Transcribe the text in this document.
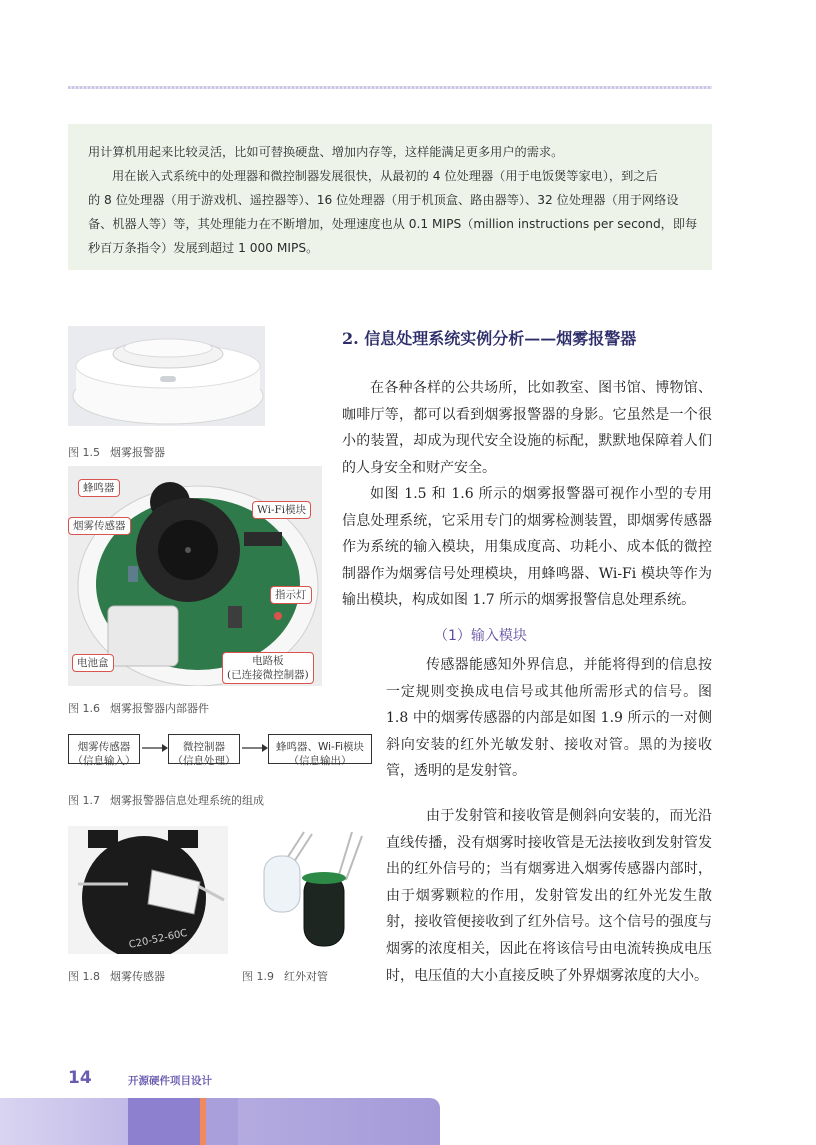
用计算机用起来比较灵活，比如可替换硬盘、增加内存等，这样能满足更多用户的需求。

用在嵌入式系统中的处理器和微控制器发展很快，从最初的 4 位处理器（用于电饭煲等家电），到之后

的 8 位处理器（用于游戏机、遥控器等）、16 位处理器（用于机顶盒、路由器等）、32 位处理器（用于网络设

备、机器人等）等，其处理能力在不断增加，处理速度也从 0.1 MIPS（million instructions per second，即每

秒百万条指令）发展到超过 1 000 MIPS。

图 1.5 烟雾报警器
蜂鸣器
烟雾传感器
Wi-Fi模块
指示灯
电池盒	电路板
(已连接微控制器)
图 1.6 烟雾报警器内部器件
烟雾传感器
（信息输入）
微控制器
（信息处理）
蜂鸣器、Wi-Fi模块
（信息输出）
图 1.7 烟雾报警器信息处理系统的组成
C20-52-60C
图 1.8 烟雾传感器	图 1.9 红外对管
2. 信息处理系统实例分析——烟雾报警器

在各种各样的公共场所，比如教室、图书馆、博物馆、咖啡厅等，都可以看到烟雾报警器的身影。它虽然是一个很小的装置，却成为现代安全设施的标配，默默地保障着人们的人身安全和财产安全。

如图 1.5 和 1.6 所示的烟雾报警器可视作小型的专用信息处理系统，它采用专门的烟雾检测装置，即烟雾传感器作为系统的输入模块，用集成度高、功耗小、成本低的微控制器作为烟雾信号处理模块，用蜂鸣器、Wi-Fi 模块等作为输出模块，构成如图 1.7 所示的烟雾报警信息处理系统。

（1）输入模块

传感器能感知外界信息，并能将得到的信息按一定规则变换成电信号或其他所需形式的信号。图 1.8 中的烟雾传感器的内部是如图 1.9 所示的一对侧斜向安装的红外光敏发射、接收对管。黑的为接收管，透明的是发射管。

由于发射管和接收管是侧斜向安装的，而光沿直线传播，没有烟雾时接收管是无法接收到发射管发出的红外信号的；当有烟雾进入烟雾传感器内部时，由于烟雾颗粒的作用，发射管发出的红外光发生散射，接收管便接收到了红外信号。这个信号的强度与烟雾的浓度相关，因此在将该信号由电流转换成电压时，电压值的大小直接反映了外界烟雾浓度的大小。

14	开源硬件项目设计
